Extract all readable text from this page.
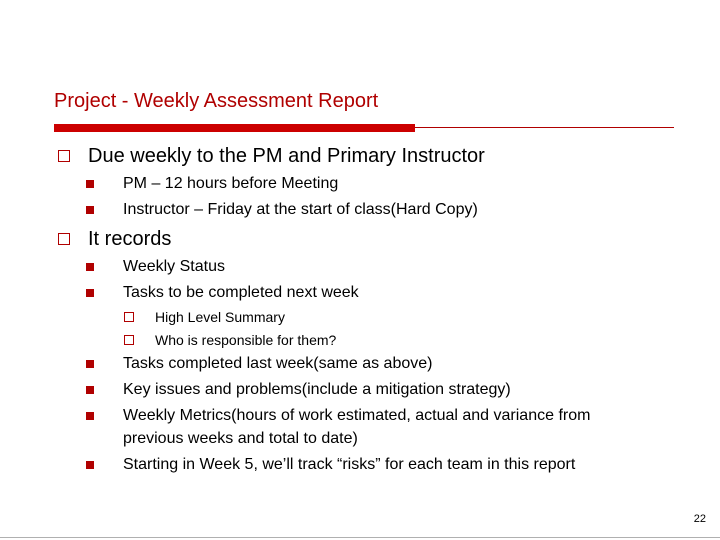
Project - Weekly Assessment Report
Due weekly to the PM and Primary Instructor
PM – 12 hours before Meeting
Instructor – Friday at the start of class(Hard Copy)
It records
Weekly Status
Tasks to be completed next week
High Level Summary
Who is responsible for them?
Tasks completed last week(same as above)
Key issues and problems(include a mitigation strategy)
Weekly Metrics(hours of work estimated, actual and variance from
previous weeks and total to date)
Starting in Week 5, we’ll track “risks” for each team in this report
22
